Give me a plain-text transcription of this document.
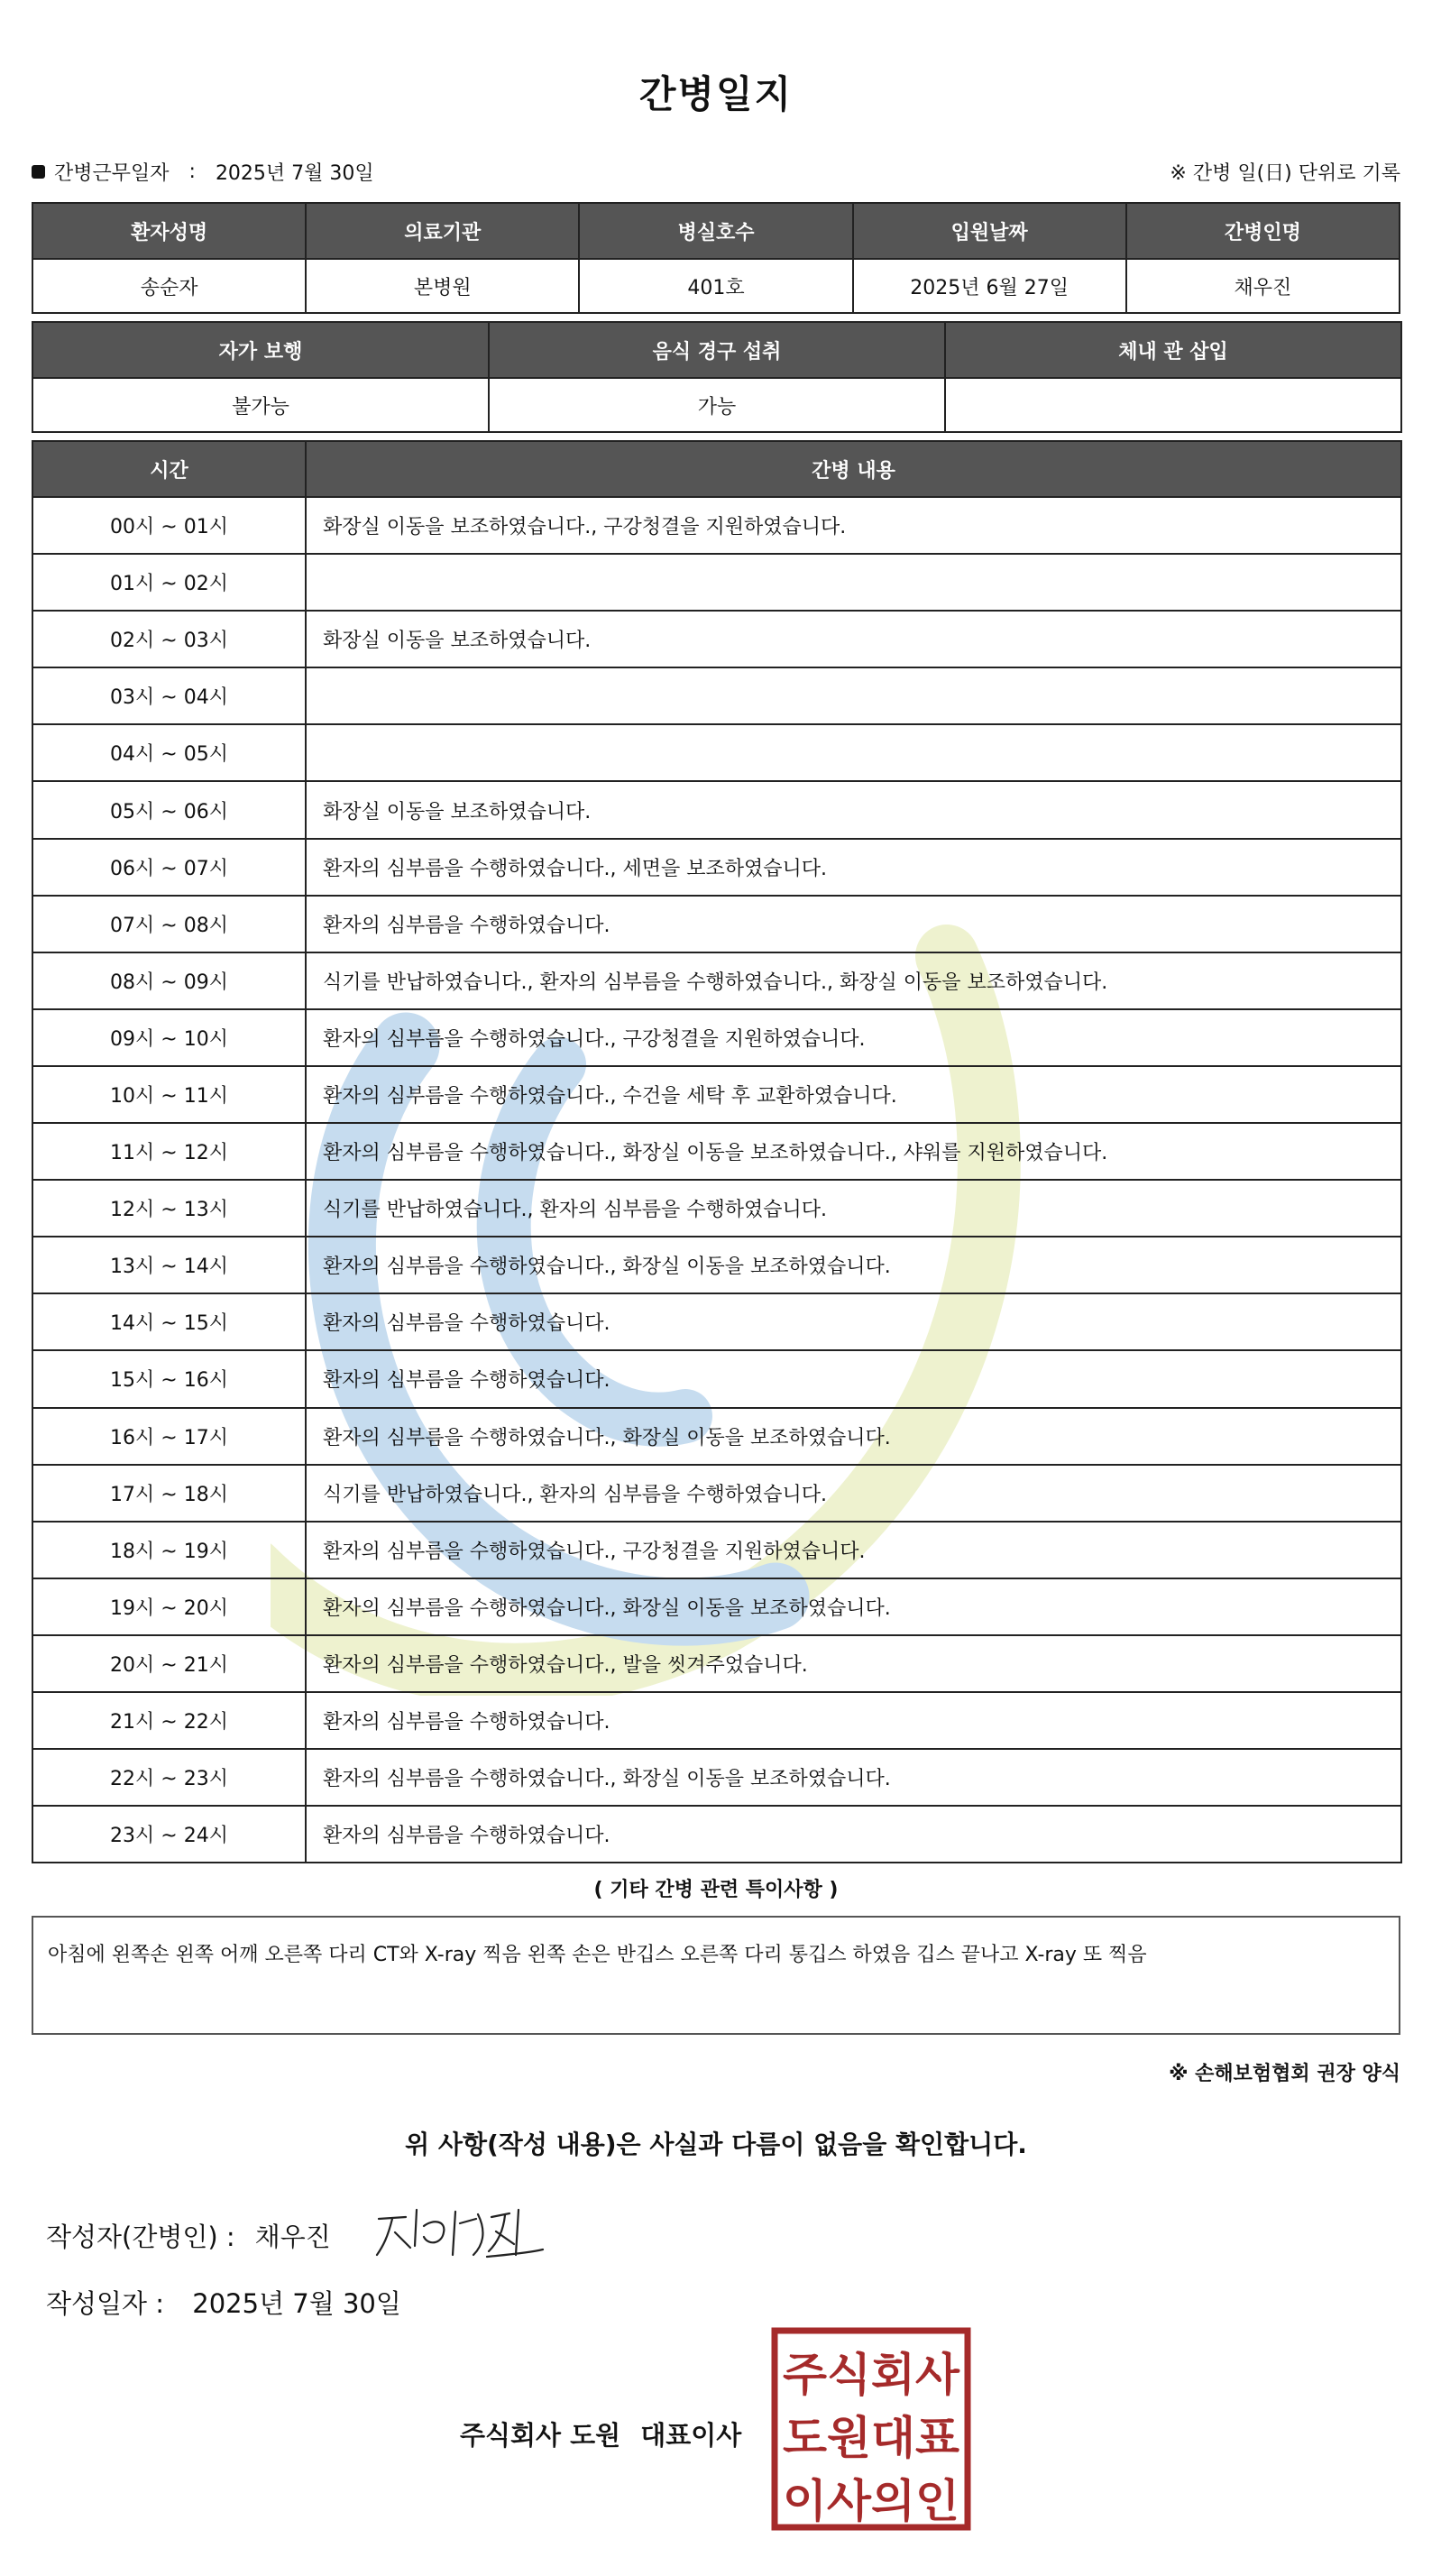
간병일지
간병근무일자 : 2025년 7월 30일	※ 간병 일(日) 단위로 기록
환자성명	의료기관	병실호수	입원날짜	간병인명
송순자	본병원	401호	2025년 6월 27일	채우진
자가 보행	음식 경구 섭취	체내 관 삽입
불가능	가능	
시간	간병 내용
00시 ~ 01시	화장실 이동을 보조하였습니다., 구강청결을 지원하였습니다.
01시 ~ 02시	
02시 ~ 03시	화장실 이동을 보조하였습니다.
03시 ~ 04시	
04시 ~ 05시	
05시 ~ 06시	화장실 이동을 보조하였습니다.
06시 ~ 07시	환자의 심부름을 수행하였습니다., 세면을 보조하였습니다.
07시 ~ 08시	환자의 심부름을 수행하였습니다.
08시 ~ 09시	식기를 반납하였습니다., 환자의 심부름을 수행하였습니다., 화장실 이동을 보조하였습니다.
09시 ~ 10시	환자의 심부름을 수행하였습니다., 구강청결을 지원하였습니다.
10시 ~ 11시	환자의 심부름을 수행하였습니다., 수건을 세탁 후 교환하였습니다.
11시 ~ 12시	환자의 심부름을 수행하였습니다., 화장실 이동을 보조하였습니다., 샤워를 지원하였습니다.
12시 ~ 13시	식기를 반납하였습니다., 환자의 심부름을 수행하였습니다.
13시 ~ 14시	환자의 심부름을 수행하였습니다., 화장실 이동을 보조하였습니다.
14시 ~ 15시	환자의 심부름을 수행하였습니다.
15시 ~ 16시	환자의 심부름을 수행하였습니다.
16시 ~ 17시	환자의 심부름을 수행하였습니다., 화장실 이동을 보조하였습니다.
17시 ~ 18시	식기를 반납하였습니다., 환자의 심부름을 수행하였습니다.
18시 ~ 19시	환자의 심부름을 수행하였습니다., 구강청결을 지원하였습니다.
19시 ~ 20시	환자의 심부름을 수행하였습니다., 화장실 이동을 보조하였습니다.
20시 ~ 21시	환자의 심부름을 수행하였습니다., 발을 씻겨주었습니다.
21시 ~ 22시	환자의 심부름을 수행하였습니다.
22시 ~ 23시	환자의 심부름을 수행하였습니다., 화장실 이동을 보조하였습니다.
23시 ~ 24시	환자의 심부름을 수행하였습니다.
( 기타 간병 관련 특이사항 )
아침에 왼쪽손 왼쪽 어깨 오른쪽 다리 CT와 X-ray 찍음 왼쪽 손은 반깁스 오른쪽 다리 통깁스 하였음 깁스 끝나고 X-ray 또 찍음
※ 손해보험협회 권장 양식
위 사항(작성 내용)은 사실과 다름이 없음을 확인합니다.
작성자(간병인) : 채우진
작성일자 : 2025년 7월 30일
주식회사 도원 대표이사
주식회사
도원대표
이사의인
